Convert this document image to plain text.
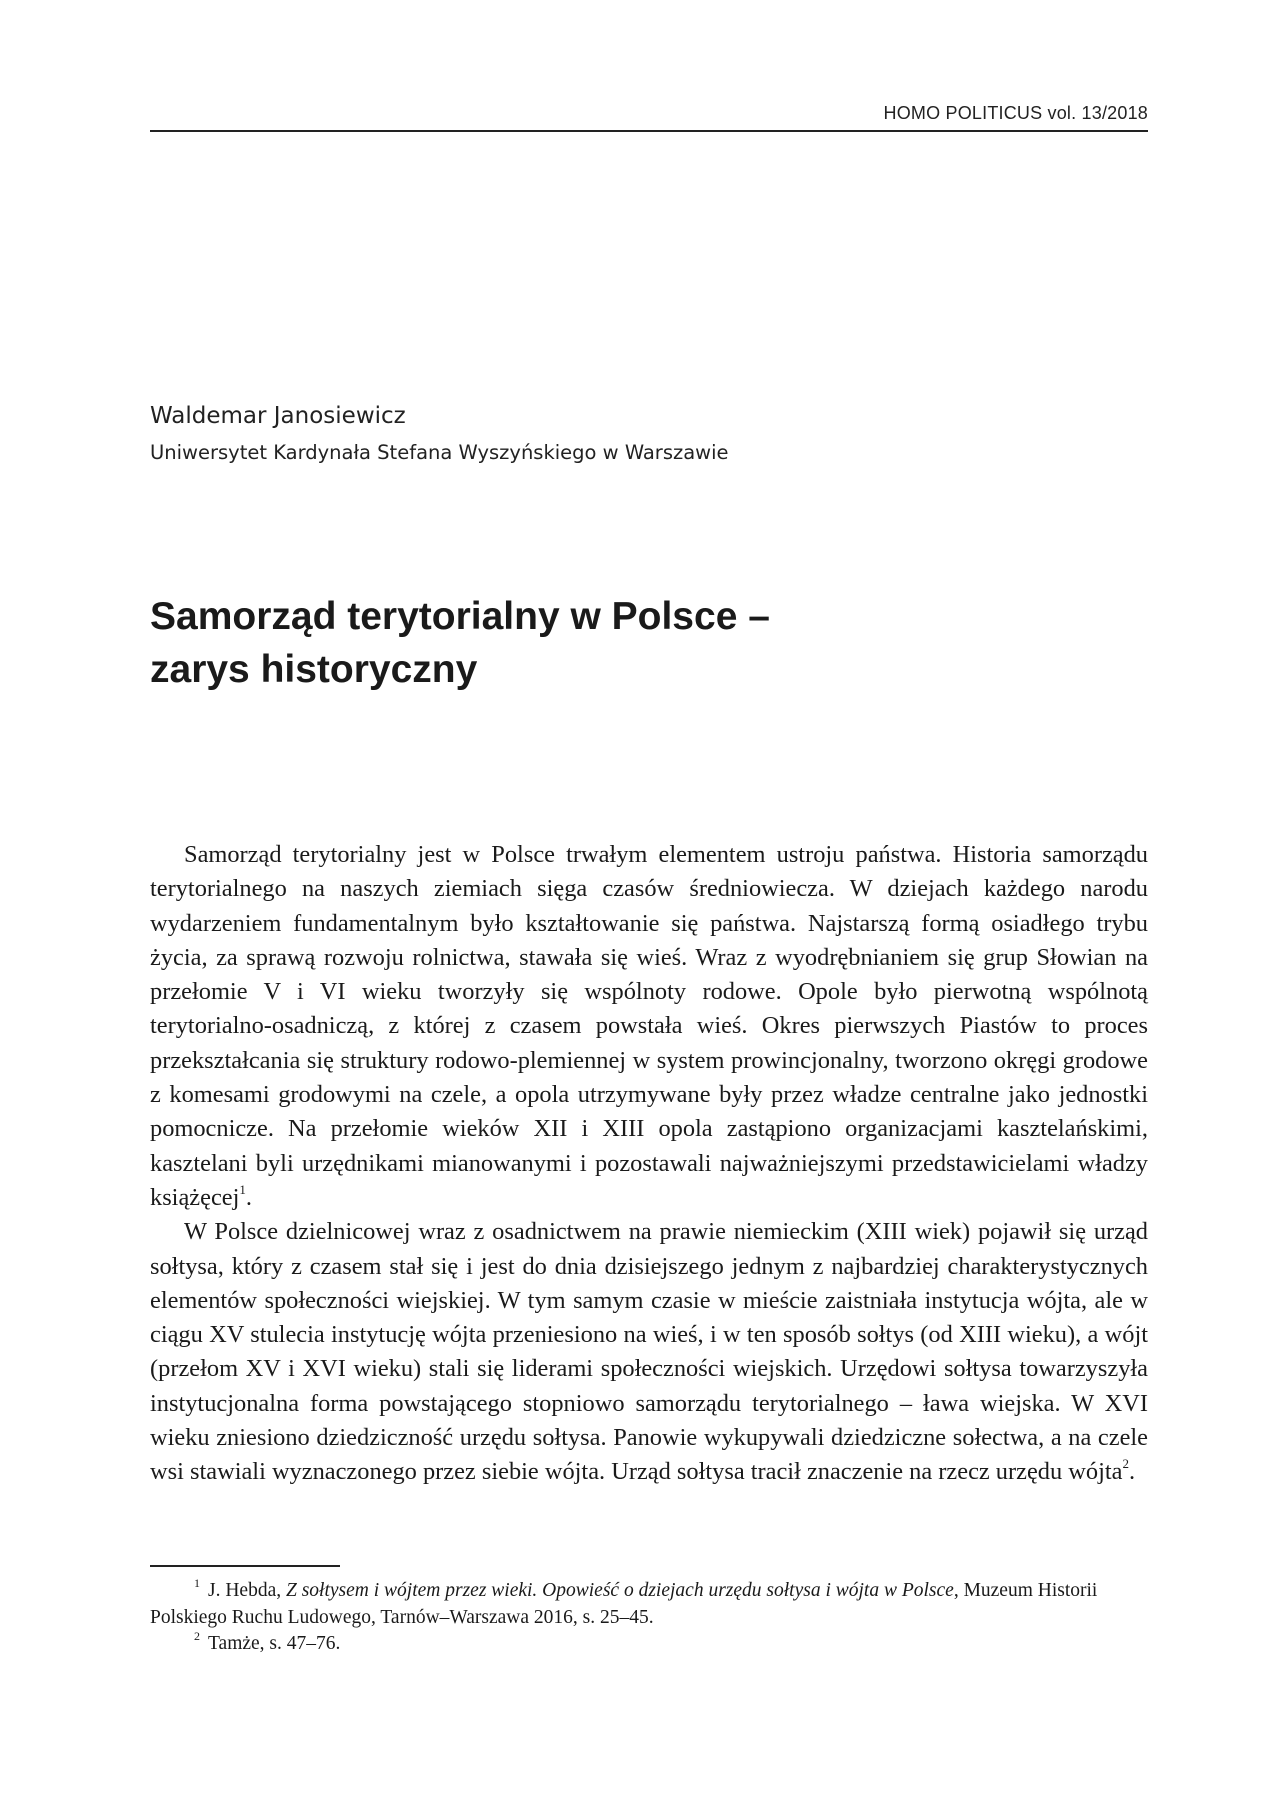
HOMO POLITICUS vol. 13/2018
Waldemar Janosiewicz
Uniwersytet Kardynała Stefana Wyszyńskiego w Warszawie
Samorząd terytorialny w Polsce –
zarys historyczny

Samorząd terytorialny jest w Polsce trwałym elementem ustroju państwa. Historia samorządu terytorialnego na naszych ziemiach sięga czasów średniowiecza. W dziejach każdego narodu wydarzeniem fundamentalnym było kształtowanie się państwa. Najstarszą formą osiadłego trybu życia, za sprawą rozwoju rolnictwa, stawała się wieś. Wraz z wyodrębnianiem się grup Słowian na przełomie V i VI wieku tworzyły się wspólnoty rodowe. Opole było pierwotną wspólnotą terytorialno-osadniczą, z której z czasem powstała wieś. Okres pierwszych Piastów to proces przekształcania się struktury rodowo-plemiennej w system prowincjonalny, tworzono okręgi grodowe z komesami grodowymi na czele, a opola utrzymywane były przez władze centralne jako jednostki pomocnicze. Na przełomie wieków XII i XIII opola zastąpiono organizacjami kasztelańskimi, kasztelani byli urzędnikami mianowanymi i pozostawali najważniejszymi przedstawicielami władzy książęcej$^1$.

W Polsce dzielnicowej wraz z osadnictwem na prawie niemieckim (XIII wiek) pojawił się urząd sołtysa, który z czasem stał się i jest do dnia dzisiejszego jednym z najbardziej charakterystycznych elementów społeczności wiejskiej. W tym samym czasie w mieście zaistniała instytucja wójta, ale w ciągu XV stulecia instytucję wójta przeniesiono na wieś, i w ten sposób sołtys (od XIII wieku), a wójt (przełom XV i XVI wieku) stali się liderami społeczności wiejskich. Urzędowi sołtysa towarzyszyła instytucjonalna forma powstającego stopniowo samorządu terytorialnego – ława wiejska. W XVI wieku zniesiono dziedziczność urzędu sołtysa. Panowie wykupywali dziedziczne sołectwa, a na czele wsi stawiali wyznaczonego przez siebie wójta. Urząd sołtysa tracił znaczenie na rzecz urzędu wójta$^2$.

$^1$ J. Hebda, Z sołtysem i wójtem przez wieki. Opowieść o dziejach urzędu sołtysa i wójta w Polsce, Muzeum Historii Polskiego Ruchu Ludowego, Tarnów–Warszawa 2016, s. 25–45.

$^2$ Tamże, s. 47–76.
